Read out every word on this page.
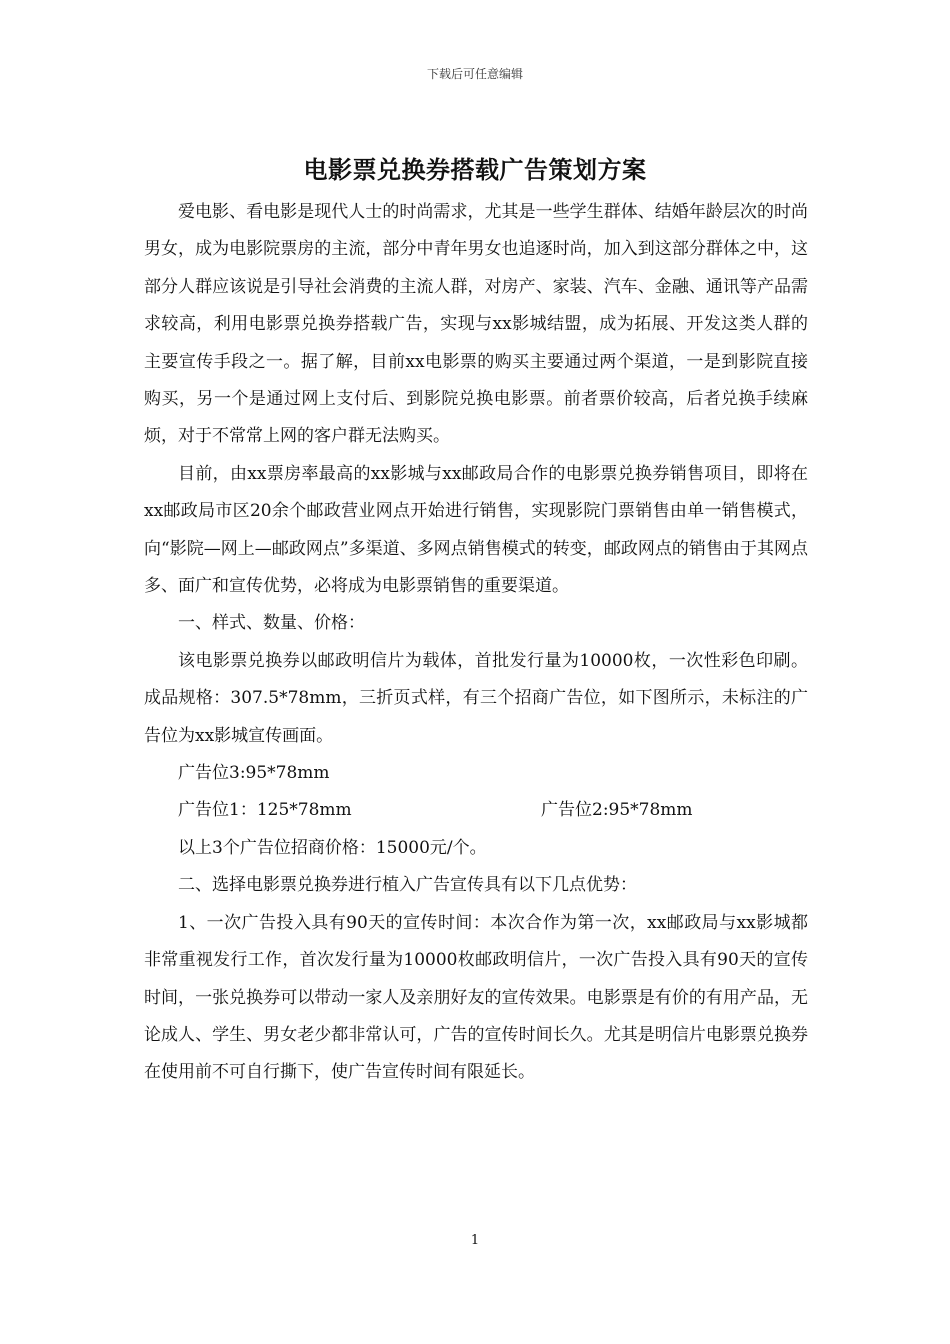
下载后可任意编辑
电影票兑换券搭载广告策划方案

爱电影、看电影是现代人士的时尚需求，尤其是一些学生群体、结婚年龄层次的时尚男女，成为电影院票房的主流，部分中青年男女也追逐时尚，加入到这部分群体之中，这部分人群应该说是引导社会消费的主流人群，对房产、家装、汽车、金融、通讯等产品需求较高，利用电影票兑换券搭载广告，实现与xx影城结盟，成为拓展、开发这类人群的主要宣传手段之一。据了解，目前xx电影票的购买主要通过两个渠道，一是到影院直接购买，另一个是通过网上支付后、到影院兑换电影票。前者票价较高，后者兑换手续麻烦，对于不常常上网的客户群无法购买。

目前，由xx票房率最高的xx影城与xx邮政局合作的电影票兑换券销售项目，即将在xx邮政局市区20余个邮政营业网点开始进行销售，实现影院门票销售由单一销售模式，向“影院—网上—邮政网点”多渠道、多网点销售模式的转变，邮政网点的销售由于其网点多、面广和宣传优势，必将成为电影票销售的重要渠道。

一、样式、数量、价格：

该电影票兑换券以邮政明信片为载体，首批发行量为10000枚，一次性彩色印刷。成品规格：307.5*78mm，三折页式样，有三个招商广告位，如下图所示，未标注的广告位为xx影城宣传画面。

广告位3:95*78mm
广告位1：125*78mm	广告位2:95*78mm

以上3个广告位招商价格：15000元/个。

二、选择电影票兑换券进行植入广告宣传具有以下几点优势：

1、一次广告投入具有90天的宣传时间：本次合作为第一次，xx邮政局与xx影城都非常重视发行工作，首次发行量为10000枚邮政明信片，一次广告投入具有90天的宣传时间，一张兑换券可以带动一家人及亲朋好友的宣传效果。电影票是有价的有用产品，无论成人、学生、男女老少都非常认可，广告的宣传时间长久。尤其是明信片电影票兑换券在使用前不可自行撕下，使广告宣传时间有限延长。

1
